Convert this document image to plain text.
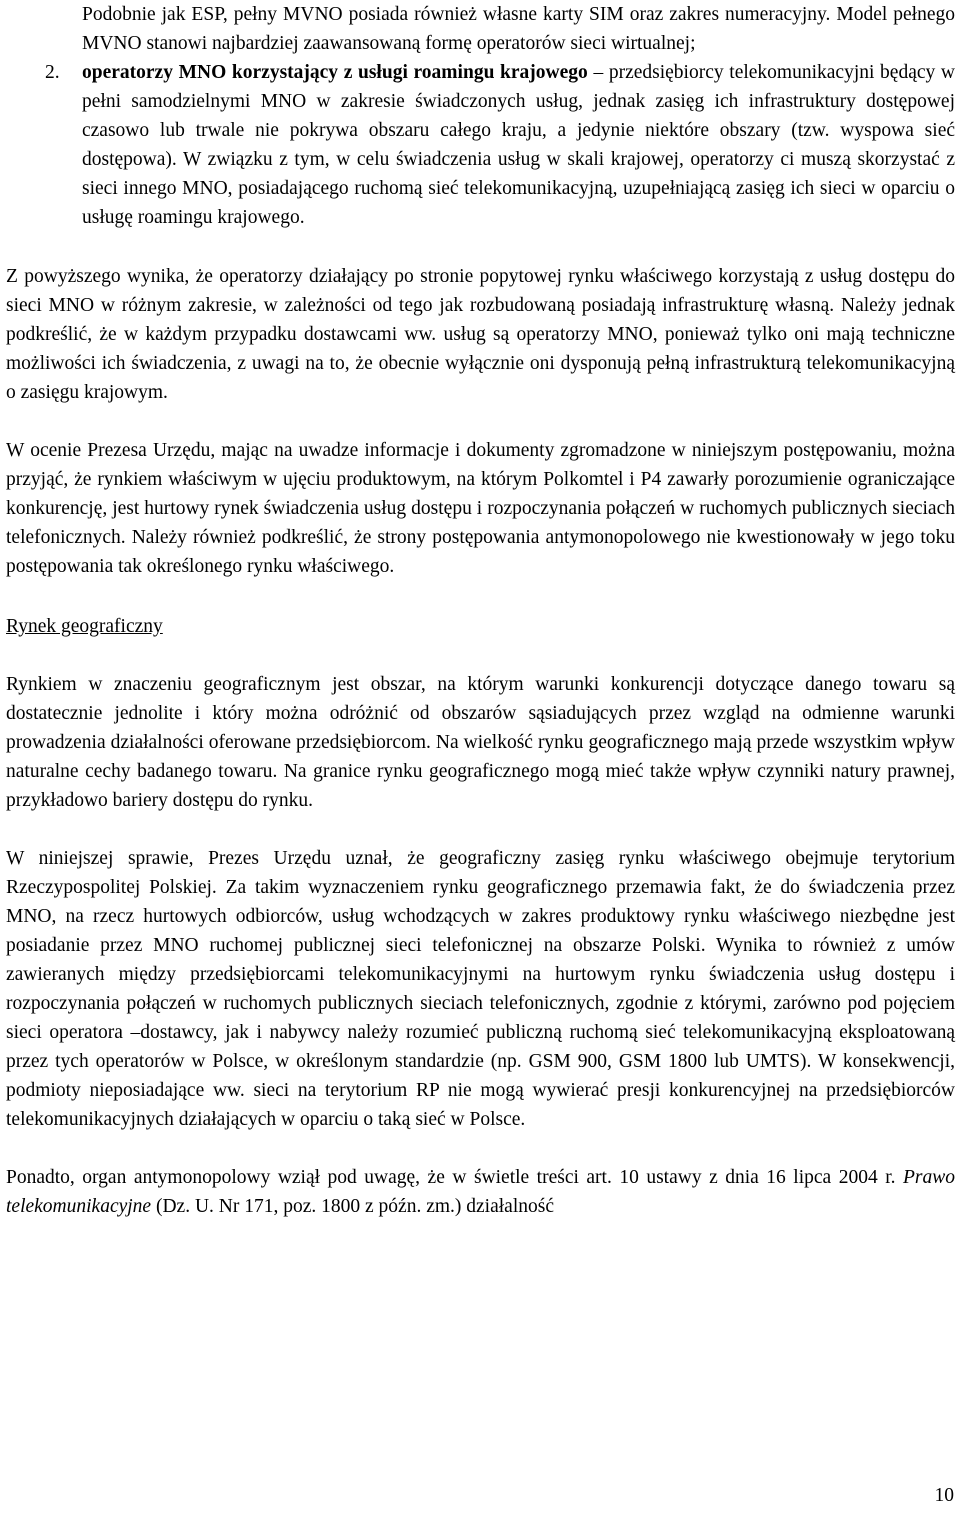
Podobnie jak ESP, pełny MVNO posiada również własne karty SIM oraz zakres numeracyjny. Model pełnego MVNO stanowi najbardziej zaawansowaną formę operatorów sieci wirtualnej;

2. operatorzy MNO korzystający z usługi roamingu krajowego – przedsiębiorcy telekomunikacyjni będący w pełni samodzielnymi MNO w zakresie świadczonych usług, jednak zasięg ich infrastruktury dostępowej czasowo lub trwale nie pokrywa obszaru całego kraju, a jedynie niektóre obszary (tzw. wyspowa sieć dostępowa). W związku z tym, w celu świadczenia usług w skali krajowej, operatorzy ci muszą skorzystać z sieci innego MNO, posiadającego ruchomą sieć telekomunikacyjną, uzupełniającą zasięg ich sieci w oparciu o usługę roamingu krajowego.

Z powyższego wynika, że operatorzy działający po stronie popytowej rynku właściwego korzystają z usług dostępu do sieci MNO w różnym zakresie, w zależności od tego jak rozbudowaną posiadają infrastrukturę własną. Należy jednak podkreślić, że w każdym przypadku dostawcami ww. usług są operatorzy MNO, ponieważ tylko oni mają techniczne możliwości ich świadczenia, z uwagi na to, że obecnie wyłącznie oni dysponują pełną infrastrukturą telekomunikacyjną o zasięgu krajowym.

W ocenie Prezesa Urzędu, mając na uwadze informacje i dokumenty zgromadzone w niniejszym postępowaniu, można przyjąć, że rynkiem właściwym w ujęciu produktowym, na którym Polkomtel i P4 zawarły porozumienie ograniczające konkurencję, jest hurtowy rynek świadczenia usług dostępu i rozpoczynania połączeń w ruchomych publicznych sieciach telefonicznych. Należy również podkreślić, że strony postępowania antymonopolowego nie kwestionowały w jego toku postępowania tak określonego rynku właściwego.

Rynek geograficzny

Rynkiem w znaczeniu geograficznym jest obszar, na którym warunki konkurencji dotyczące danego towaru są dostatecznie jednolite i który można odróżnić od obszarów sąsiadujących przez wzgląd na odmienne warunki prowadzenia działalności oferowane przedsiębiorcom. Na wielkość rynku geograficznego mają przede wszystkim wpływ naturalne cechy badanego towaru. Na granice rynku geograficznego mogą mieć także wpływ czynniki natury prawnej, przykładowo bariery dostępu do rynku.

W niniejszej sprawie, Prezes Urzędu uznał, że geograficzny zasięg rynku właściwego obejmuje terytorium Rzeczypospolitej Polskiej. Za takim wyznaczeniem rynku geograficznego przemawia fakt, że do świadczenia przez MNO, na rzecz hurtowych odbiorców, usług wchodzących w zakres produktowy rynku właściwego niezbędne jest posiadanie przez MNO ruchomej publicznej sieci telefonicznej na obszarze Polski. Wynika to również z umów zawieranych między przedsiębiorcami telekomunikacyjnymi na hurtowym rynku świadczenia usług dostępu i rozpoczynania połączeń w ruchomych publicznych sieciach telefonicznych, zgodnie z którymi, zarówno pod pojęciem sieci operatora –dostawcy, jak i nabywcy należy rozumieć publiczną ruchomą sieć telekomunikacyjną eksploatowaną przez tych operatorów w Polsce, w określonym standardzie (np. GSM 900, GSM 1800 lub UMTS). W konsekwencji, podmioty nieposiadające ww. sieci na terytorium RP nie mogą wywierać presji konkurencyjnej na przedsiębiorców telekomunikacyjnych działających w oparciu o taką sieć w Polsce.

Ponadto, organ antymonopolowy wziął pod uwagę, że w świetle treści art. 10 ustawy z dnia 16 lipca 2004 r. Prawo telekomunikacyjne (Dz. U. Nr 171, poz. 1800 z późn. zm.) działalność

10
